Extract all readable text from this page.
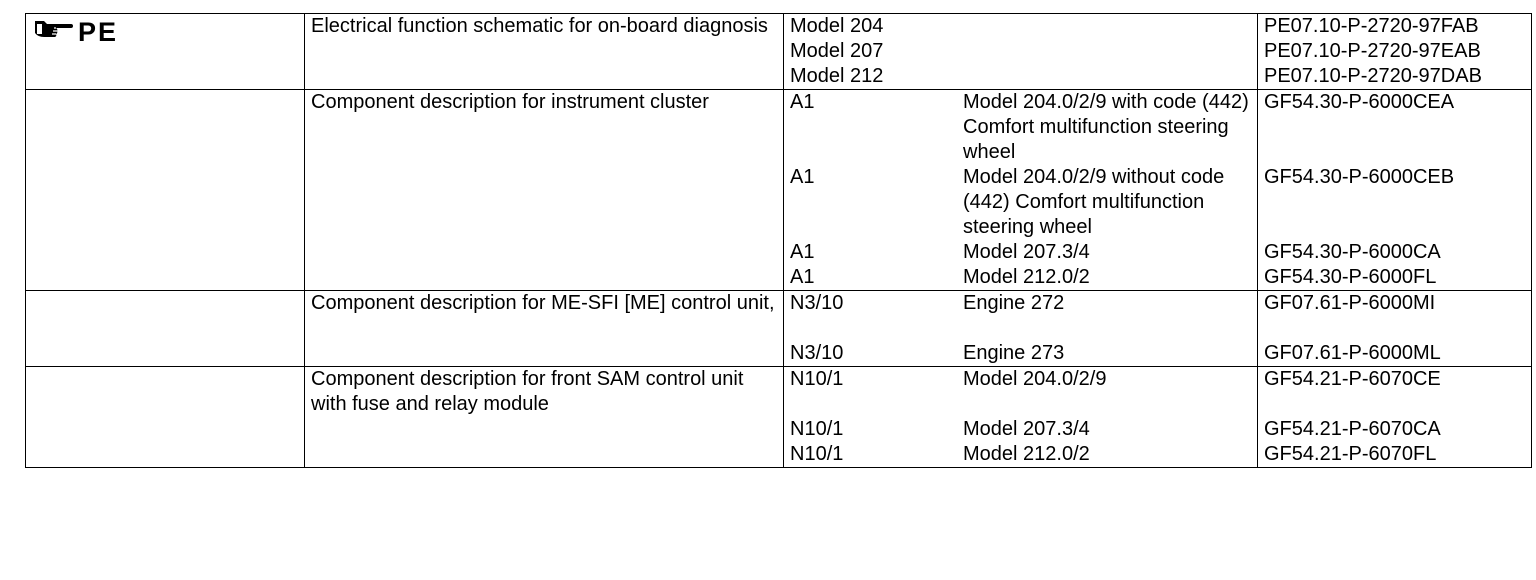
PE	Electrical function schematic for on-board diagnosis	Model 204		PE07.10-P-2720-97FAB
		Model 207		PE07.10-P-2720-97EAB
		Model 212		PE07.10-P-2720-97DAB
	Component description for instrument cluster	A1	Model 204.0/2/9 with code (442) Comfort multifunction steering wheel	GF54.30-P-6000CEA
		A1	Model 204.0/2/9 without code (442) Comfort multifunction steering wheel	GF54.30-P-6000CEB
		A1	Model 207.3/4	GF54.30-P-6000CA
		A1	Model 212.0/2	GF54.30-P-6000FL
	Component description for ME-SFI [ME] control unit,	N3/10	Engine 272	GF07.61-P-6000MI

		N3/10	Engine 273	GF07.61-P-6000ML
	Component description for front SAM control unit with fuse and relay module	N10/1	Model 204.0/2/9	GF54.21-P-6070CE

		N10/1	Model 207.3/4	GF54.21-P-6070CA
		N10/1	Model 212.0/2	GF54.21-P-6070FL
